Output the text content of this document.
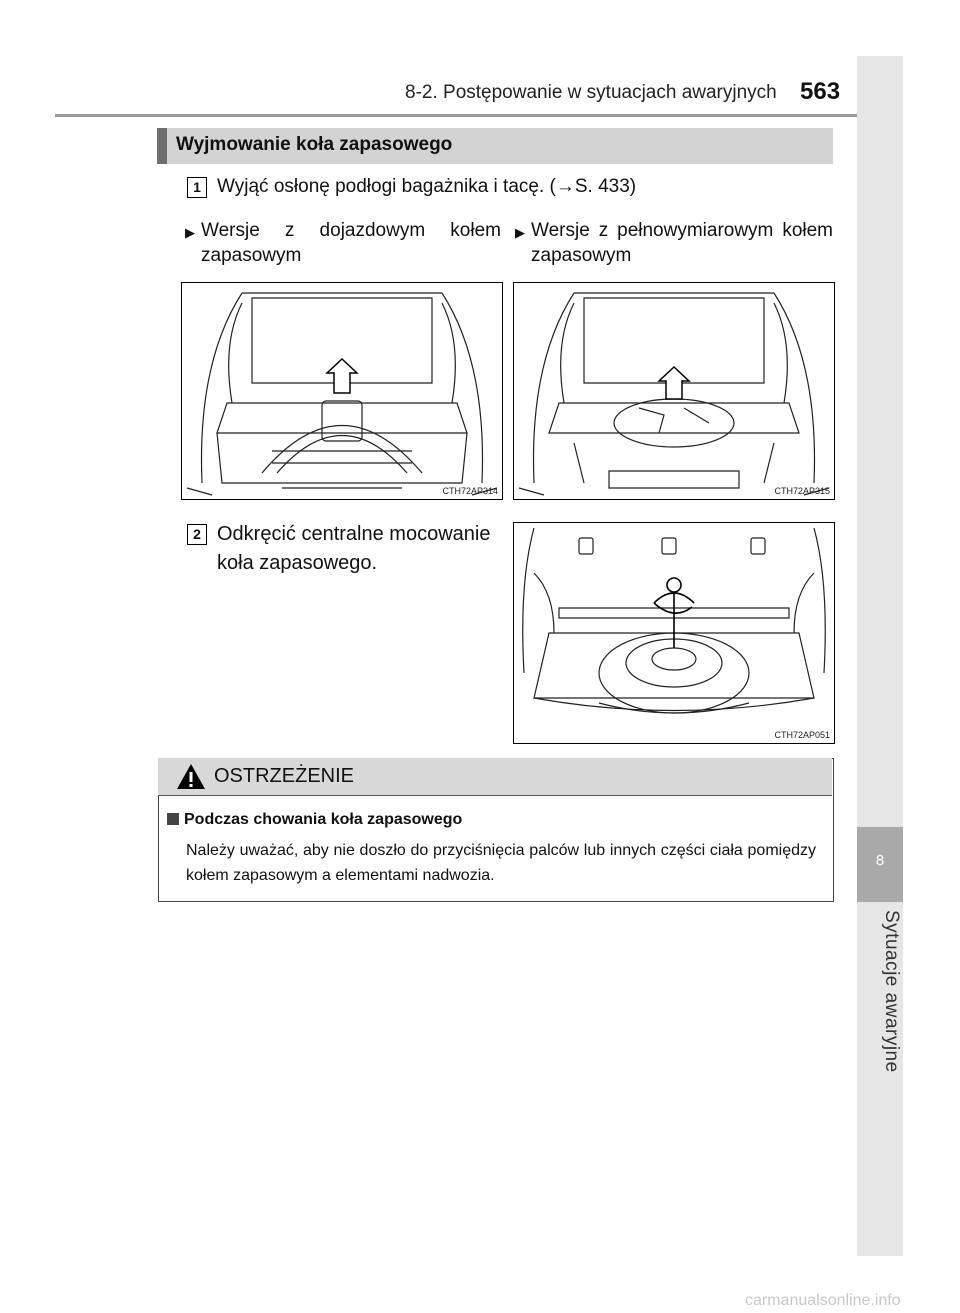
8-2. Postępowanie w sytuacjach awaryjnych 563
8
Sytuacje awaryjne
Wyjmowanie koła zapasowego
1 Wyjąć osłonę podłogi bagażnika i tacę. (→S. 433)
▶ Wersje z dojazdowym kołem zapasowym
▶ Wersje z pełnowymiarowym kołem zapasowym
CTH72AP314	CTH72AP315
2 Odkręcić centralne mocowanie koła zapasowego.
CTH72AP051
OSTRZEŻENIE
Podczas chowania koła zapasowego
Należy uważać, aby nie doszło do przyciśnięcia palców lub innych części ciała pomiędzy kołem zapasowym a elementami nadwozia.
carmanualsonline.info
